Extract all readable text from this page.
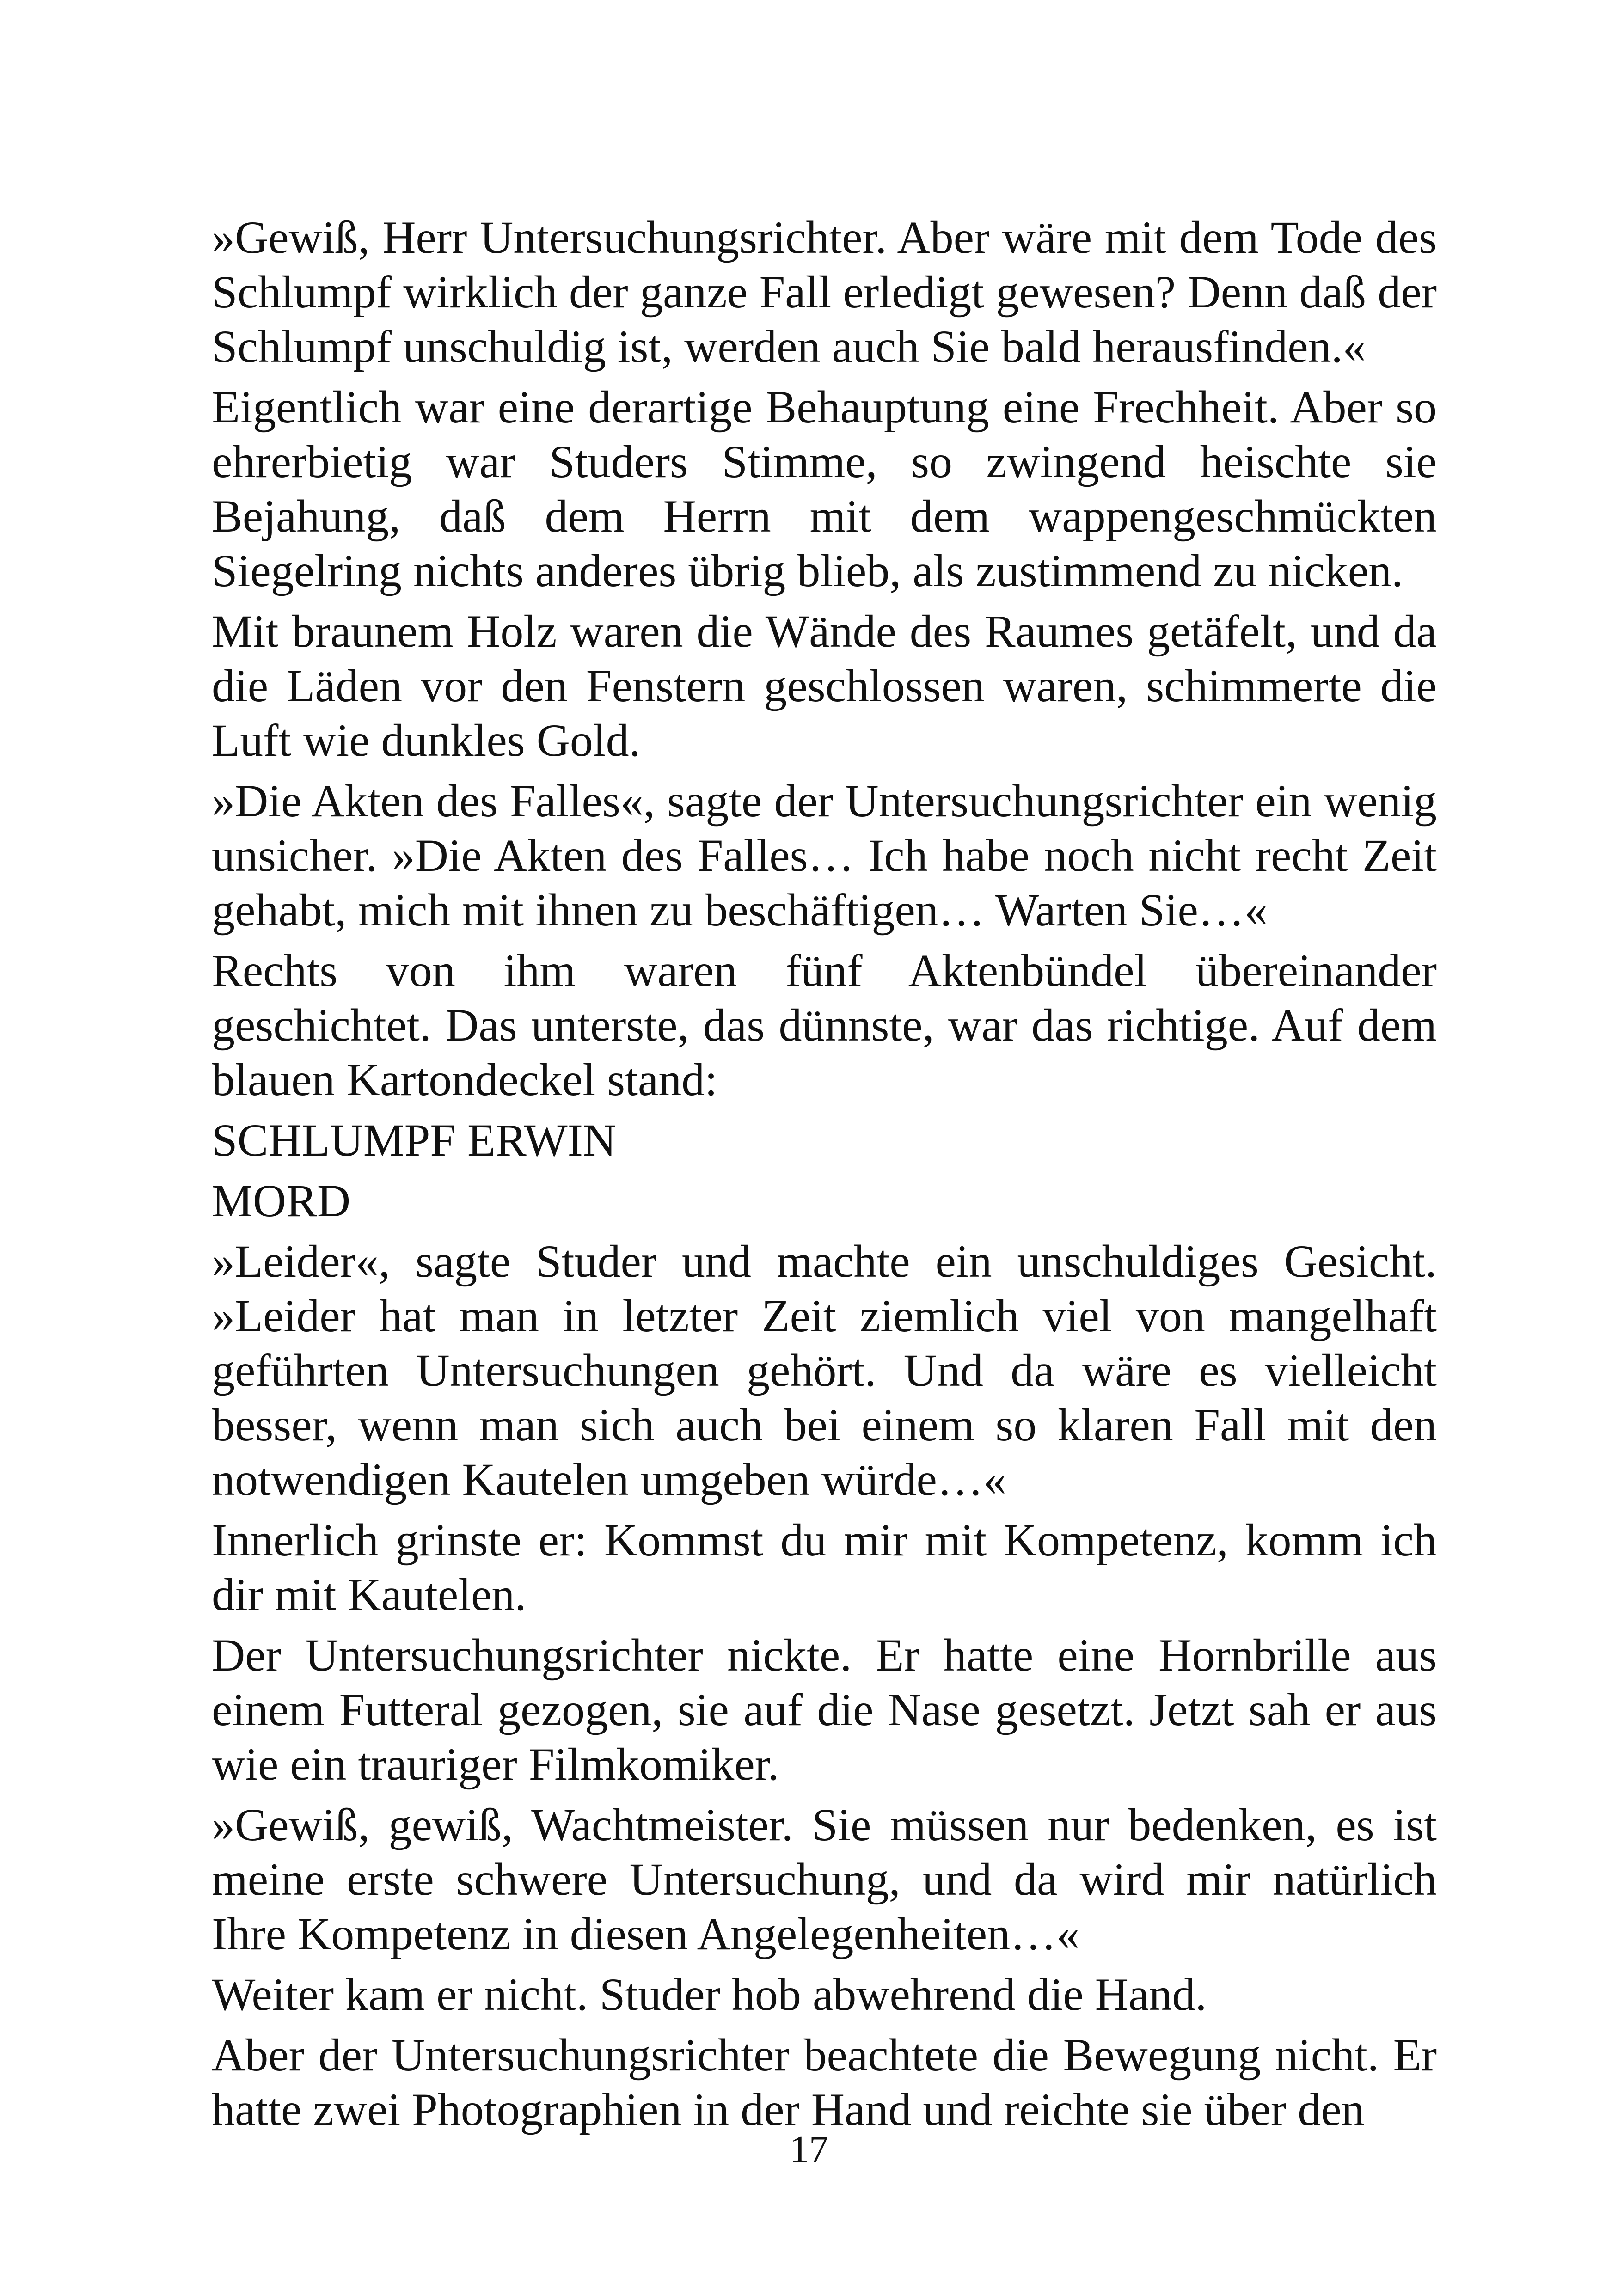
»Gewiß, Herr Untersuchungsrichter. Aber wäre mit dem Tode des Schlumpf wirklich der ganze Fall erledigt gewesen? Denn daß der Schlumpf unschuldig ist, werden auch Sie bald herausfinden.«

Eigentlich war eine derartige Behauptung eine Frechheit. Aber so ehrerbietig war Studers Stimme, so zwingend heischte sie Bejahung, daß dem Herrn mit dem wappengeschmückten Siegelring nichts anderes übrig blieb, als zustimmend zu nicken.

Mit braunem Holz waren die Wände des Raumes getäfelt, und da die Läden vor den Fenstern geschlossen waren, schimmerte die Luft wie dunkles Gold.

»Die Akten des Falles«, sagte der Untersuchungsrichter ein wenig unsicher. »Die Akten des Falles… Ich habe noch nicht recht Zeit gehabt, mich mit ihnen zu beschäftigen… Warten Sie…«

Rechts von ihm waren fünf Aktenbündel übereinander geschichtet. Das unterste, das dünnste, war das richtige. Auf dem blauen Kartondeckel stand:

SCHLUMPF ERWIN

MORD

»Leider«, sagte Studer und machte ein unschuldiges Gesicht. »Leider hat man in letzter Zeit ziemlich viel von mangelhaft geführten Untersuchungen gehört. Und da wäre es vielleicht besser, wenn man sich auch bei einem so klaren Fall mit den notwendigen Kautelen umgeben würde…«

Innerlich grinste er: Kommst du mir mit Kompetenz, komm ich dir mit Kautelen.

Der Untersuchungsrichter nickte. Er hatte eine Hornbrille aus einem Futteral gezogen, sie auf die Nase gesetzt. Jetzt sah er aus wie ein trauriger Filmkomiker.

»Gewiß, gewiß, Wachtmeister. Sie müssen nur bedenken, es ist meine erste schwere Untersuchung, und da wird mir natürlich Ihre Kompetenz in diesen Angelegenheiten…«

Weiter kam er nicht. Studer hob abwehrend die Hand.

Aber der Untersuchungsrichter beachtete die Bewegung nicht. Er hatte zwei Photographien in der Hand und reichte sie über den

17
